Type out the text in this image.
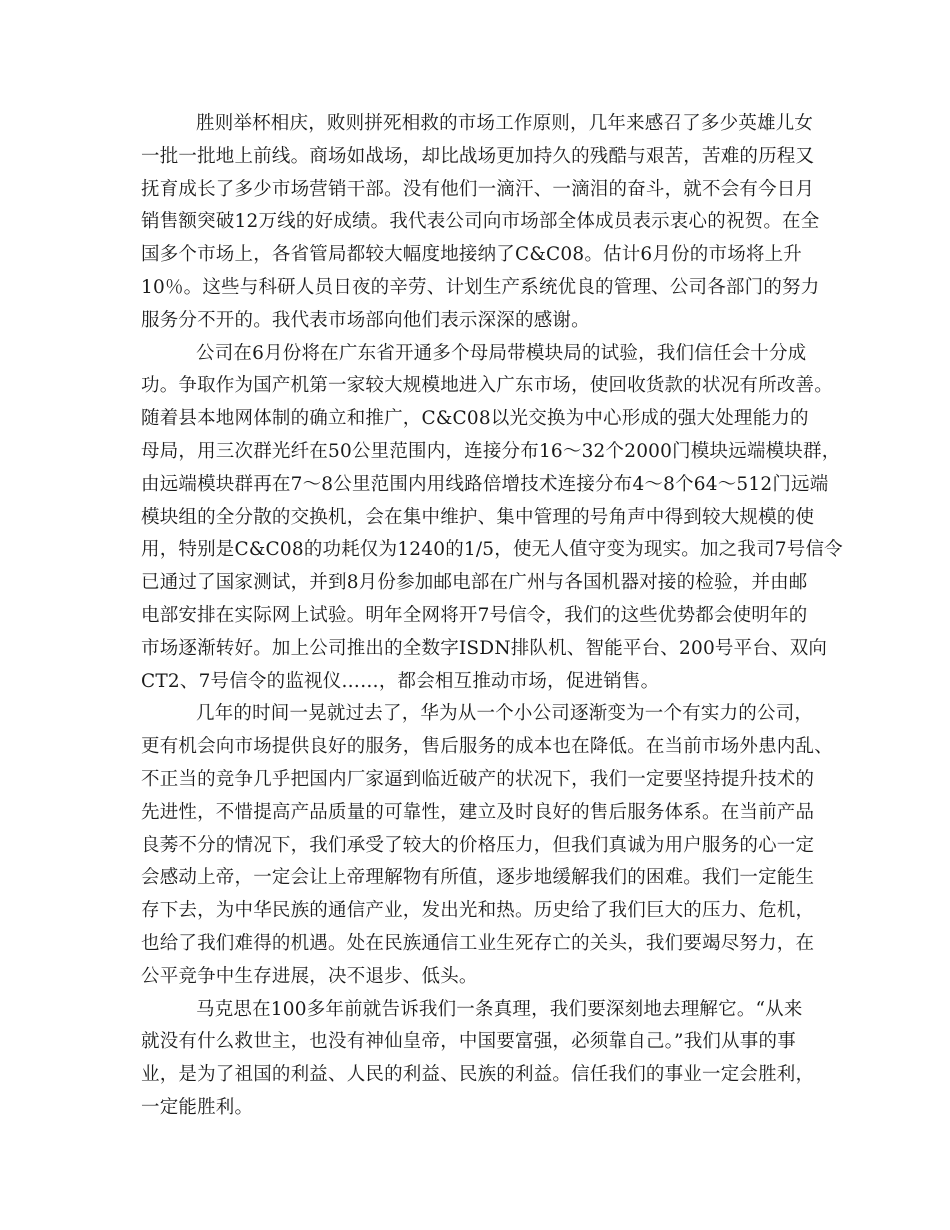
胜则举杯相庆，败则拼死相救的市场工作原则，几年来感召了多少英雄儿女
一批一批地上前线。商场如战场，却比战场更加持久的残酷与艰苦，苦难的历程又
抚育成长了多少市场营销干部。没有他们一滴汗、一滴泪的奋斗，就不会有今日月
销售额突破12万线的好成绩。我代表公司向市场部全体成员表示衷心的祝贺。在全
国多个市场上，各省管局都较大幅度地接纳了C&C08。估计6月份的市场将上升
10％。这些与科研人员日夜的辛劳、计划生产系统优良的管理、公司各部门的努力
服务分不开的。我代表市场部向他们表示深深的感谢。
公司在6月份将在广东省开通多个母局带模块局的试验，我们信任会十分成
功。争取作为国产机第一家较大规模地进入广东市场，使回收货款的状况有所改善。
随着县本地网体制的确立和推广，C&C08以光交换为中心形成的强大处理能力的
母局，用三次群光纤在50公里范围内，连接分布16～32个2000门模块远端模块群，
由远端模块群再在7～8公里范围内用线路倍增技术连接分布4～8个64～512门远端
模块组的全分散的交换机，会在集中维护、集中管理的号角声中得到较大规模的使
用，特别是C&C08的功耗仅为1240的1/5，使无人值守变为现实。加之我司7号信令
已通过了国家测试，并到8月份参加邮电部在广州与各国机器对接的检验，并由邮
电部安排在实际网上试验。明年全网将开7号信令，我们的这些优势都会使明年的
市场逐渐转好。加上公司推出的全数字ISDN排队机、智能平台、200号平台、双向
CT2、7号信令的监视仪……，都会相互推动市场，促进销售。
几年的时间一晃就过去了，华为从一个小公司逐渐变为一个有实力的公司，
更有机会向市场提供良好的服务，售后服务的成本也在降低。在当前市场外患内乱、
不正当的竞争几乎把国内厂家逼到临近破产的状况下，我们一定要坚持提升技术的
先进性，不惜提高产品质量的可靠性，建立及时良好的售后服务体系。在当前产品
良莠不分的情况下，我们承受了较大的价格压力，但我们真诚为用户服务的心一定
会感动上帝，一定会让上帝理解物有所值，逐步地缓解我们的困难。我们一定能生
存下去，为中华民族的通信产业，发出光和热。历史给了我们巨大的压力、危机，
也给了我们难得的机遇。处在民族通信工业生死存亡的关头，我们要竭尽努力，在
公平竞争中生存进展，决不退步、低头。
马克思在100多年前就告诉我们一条真理，我们要深刻地去理解它。“从来
就没有什么救世主，也没有神仙皇帝，中国要富强，必须靠自己。”我们从事的事
业，是为了祖国的利益、人民的利益、民族的利益。信任我们的事业一定会胜利，
一定能胜利。
